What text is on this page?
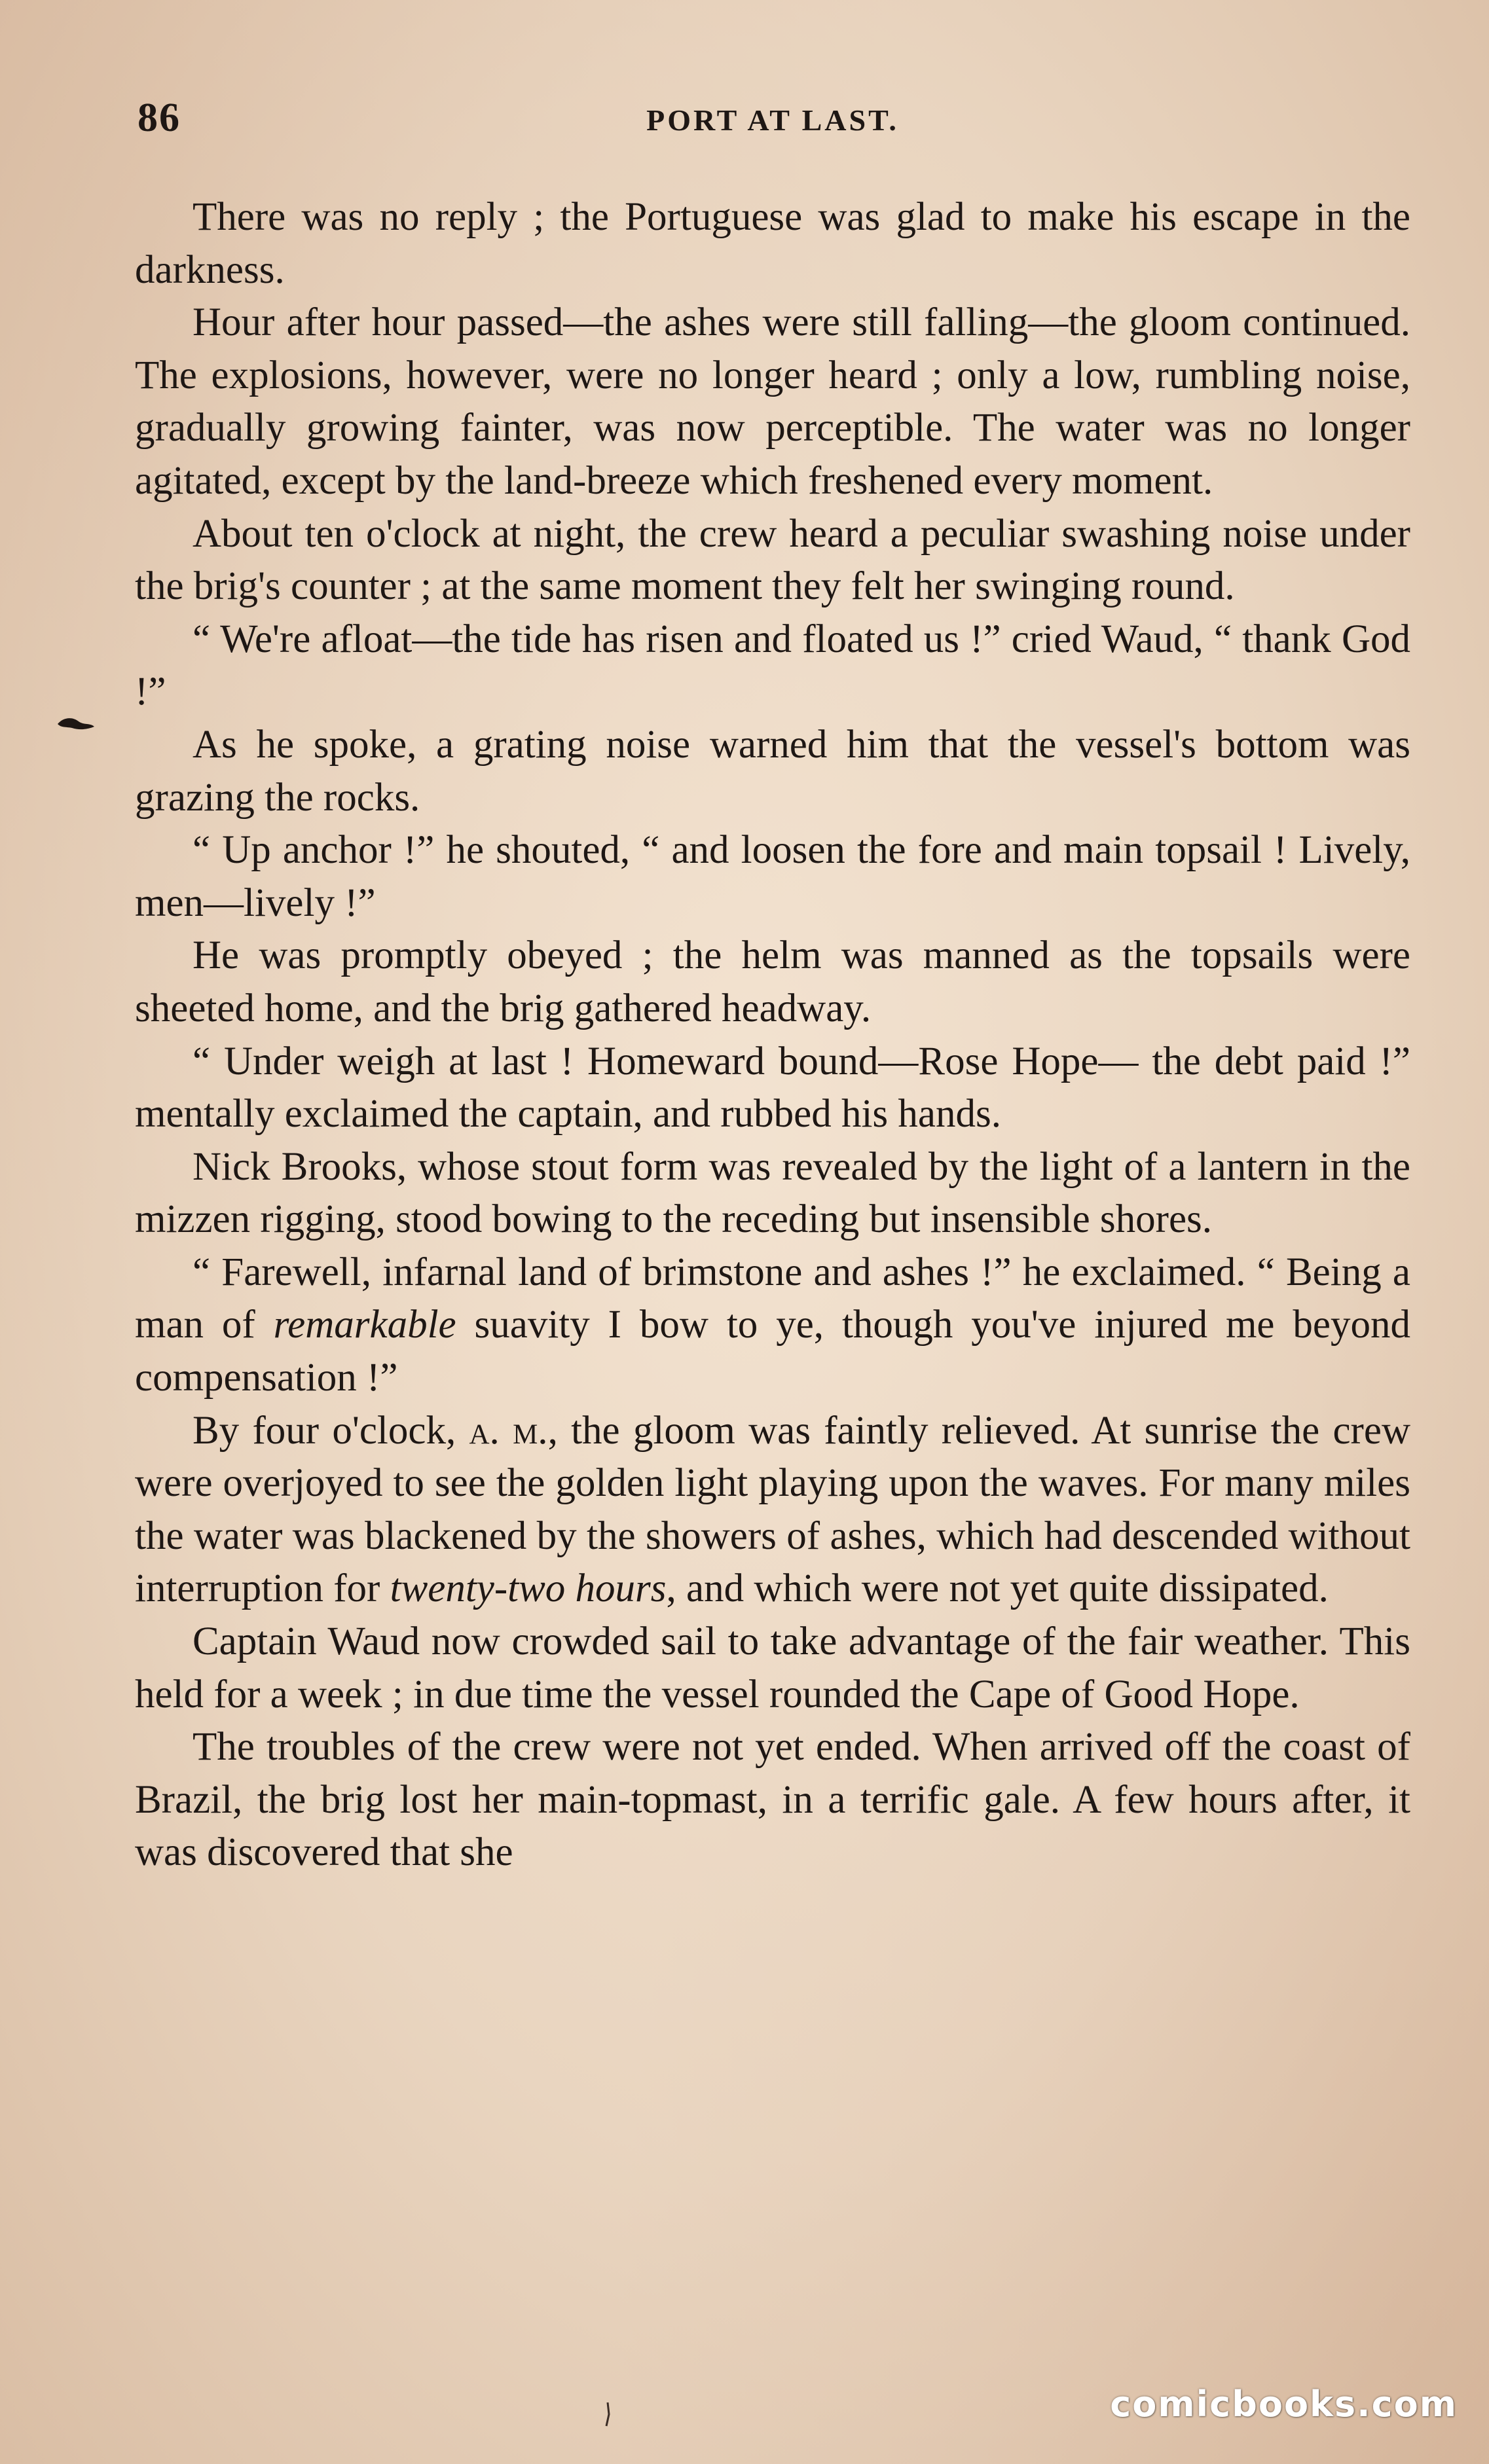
86	PORT AT LAST.

There was no reply ; the Portuguese was glad to make his escape in the darkness.

Hour after hour passed—the ashes were still falling—the gloom continued. The explosions, however, were no longer heard ; only a low, rumbling noise, gradually growing fainter, was now perceptible. The water was no longer agitated, except by the land-breeze which freshened every moment.

About ten o'clock at night, the crew heard a peculiar swashing noise under the brig's counter ; at the same moment they felt her swinging round.

“ We're afloat—the tide has risen and floated us !” cried Waud, “ thank God !”

As he spoke, a grating noise warned him that the vessel's bottom was grazing the rocks.

“ Up anchor !” he shouted, “ and loosen the fore and main topsail ! Lively, men—lively !”

He was promptly obeyed ; the helm was manned as the topsails were sheeted home, and the brig gathered headway.

“ Under weigh at last ! Homeward bound—Rose Hope— the debt paid !” mentally exclaimed the captain, and rubbed his hands.

Nick Brooks, whose stout form was revealed by the light of a lantern in the mizzen rigging, stood bowing to the receding but insensible shores.

“ Farewell, infarnal land of brimstone and ashes !” he exclaimed. “ Being a man of remarkable suavity I bow to ye, though you've injured me beyond compensation !”

By four o'clock, a. m., the gloom was faintly relieved. At sunrise the crew were overjoyed to see the golden light playing upon the waves. For many miles the water was blackened by the showers of ashes, which had descended without interruption for twenty-two hours, and which were not yet quite dissipated.

Captain Waud now crowded sail to take advantage of the fair weather. This held for a week ; in due time the vessel rounded the Cape of Good Hope.

The troubles of the crew were not yet ended. When arrived off the coast of Brazil, the brig lost her main-topmast, in a terrific gale. A few hours after, it was discovered that she

comicbooks.com
